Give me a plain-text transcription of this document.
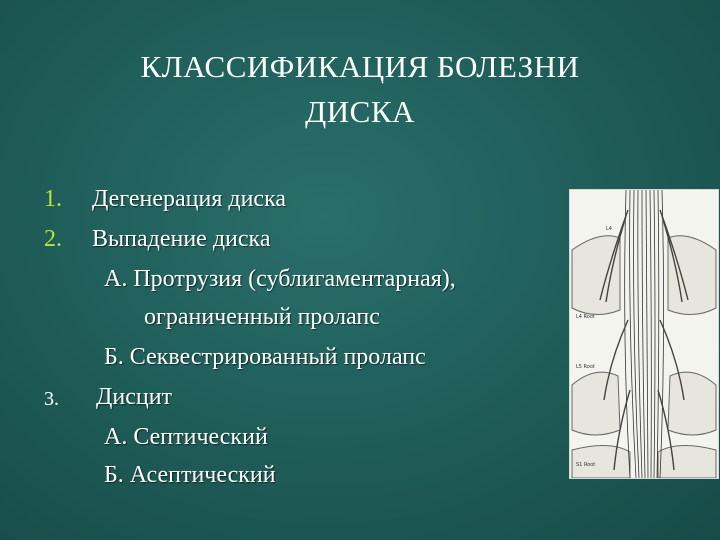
КЛАССИФИКАЦИЯ БОЛЕЗНИ
ДИСКА
1. Дегенерация диска
2. Выпадение диска
А. Протрузия (сублигаментарная),
ограниченный пролапс
Б. Секвестрированный пролапс
3. Дисцит
А. Септический
Б. Асептический
L4
L4 Root
L5 Root
S1 Root
